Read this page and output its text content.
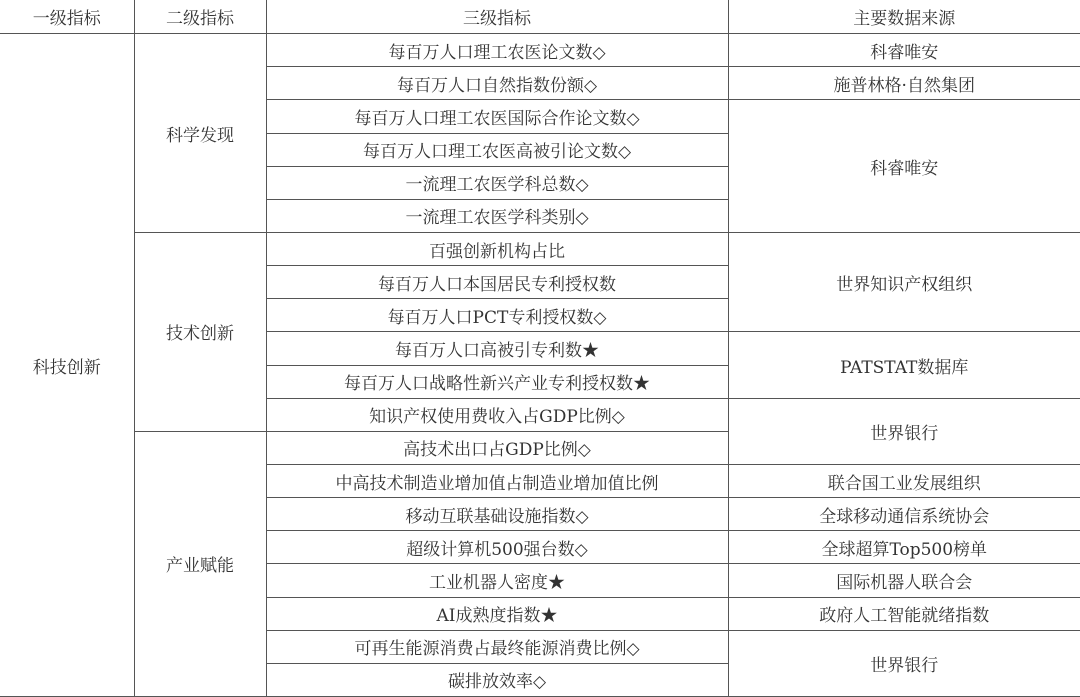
一级指标	二级指标	三级指标	主要数据来源
科技创新	科学发现	每百万人口理工农医论文数◇	科睿唯安
		每百万人口自然指数份额◇	施普林格·自然集团
		每百万人口理工农医国际合作论文数◇	科睿唯安
		每百万人口理工农医高被引论文数◇	
		一流理工农医学科总数◇	
		一流理工农医学科类别◇	
	技术创新	百强创新机构占比	世界知识产权组织
		每百万人口本国居民专利授权数	
		每百万人口PCT专利授权数◇	
		每百万人口高被引专利数★	PATSTAT数据库
		每百万人口战略性新兴产业专利授权数★	
		知识产权使用费收入占GDP比例◇	世界银行
	产业赋能	高技术出口占GDP比例◇	
		中高技术制造业增加值占制造业增加值比例	联合国工业发展组织
		移动互联基础设施指数◇	全球移动通信系统协会
		超级计算机500强台数◇	全球超算Top500榜单
		工业机器人密度★	国际机器人联合会
		AI成熟度指数★	政府人工智能就绪指数
		可再生能源消费占最终能源消费比例◇	世界银行
		碳排放效率◇	
